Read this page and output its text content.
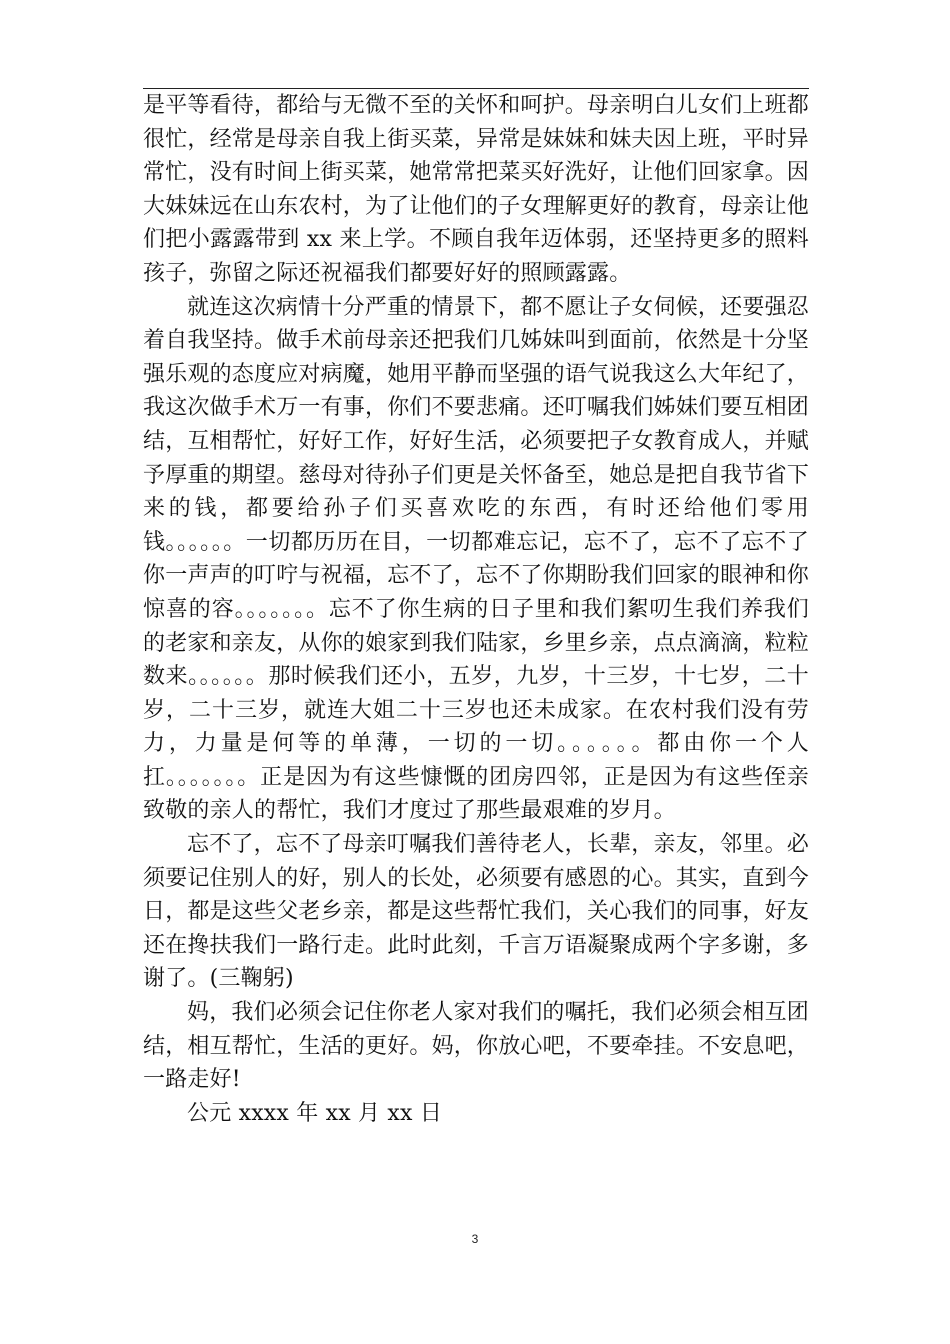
是平等看待，都给与无微不至的关怀和呵护。母亲明白儿女们上班都很忙，经常是母亲自我上街买菜，异常是妹妹和妹夫因上班，平时异常忙，没有时间上街买菜，她常常把菜买好洗好，让他们回家拿。因大妹妹远在山东农村，为了让他们的子女理解更好的教育，母亲让他们把小露露带到 xx 来上学。不顾自我年迈体弱，还坚持更多的照料孩子，弥留之际还祝福我们都要好好的照顾露露。

就连这次病情十分严重的情景下，都不愿让子女伺候，还要强忍着自我坚持。做手术前母亲还把我们几姊妹叫到面前，依然是十分坚强乐观的态度应对病魔，她用平静而坚强的语气说我这么大年纪了，我这次做手术万一有事，你们不要悲痛。还叮嘱我们姊妹们要互相团结，互相帮忙，好好工作，好好生活，必须要把子女教育成人，并赋予厚重的期望。慈母对待孙子们更是关怀备至，她总是把自我节省下来的钱，都要给孙子们买喜欢吃的东西，有时还给他们零用钱。。。。。。一切都历历在目，一切都难忘记，忘不了，忘不了忘不了你一声声的叮咛与祝福，忘不了，忘不了你期盼我们回家的眼神和你惊喜的容。。。。。。。忘不了你生病的日子里和我们絮叨生我们养我们的老家和亲友，从你的娘家到我们陆家，乡里乡亲，点点滴滴，粒粒数来。。。。。。那时候我们还小，五岁，九岁，十三岁，十七岁，二十岁，二十三岁，就连大姐二十三岁也还未成家。在农村我们没有劳力，力量是何等的单薄，一切的一切。。。。。。都由你一个人扛。。。。。。。正是因为有这些慷慨的团房四邻，正是因为有这些侄亲致敬的亲人的帮忙，我们才度过了那些最艰难的岁月。

忘不了，忘不了母亲叮嘱我们善待老人，长辈，亲友，邻里。必须要记住别人的好，别人的长处，必须要有感恩的心。其实，直到今日，都是这些父老乡亲，都是这些帮忙我们，关心我们的同事，好友还在搀扶我们一路行走。此时此刻，千言万语凝聚成两个字多谢，多谢了。(三鞠躬)

妈，我们必须会记住你老人家对我们的嘱托，我们必须会相互团结，相互帮忙，生活的更好。妈，你放心吧，不要牵挂。不安息吧，一路走好!

公元 xxxx 年 xx 月 xx 日

3
